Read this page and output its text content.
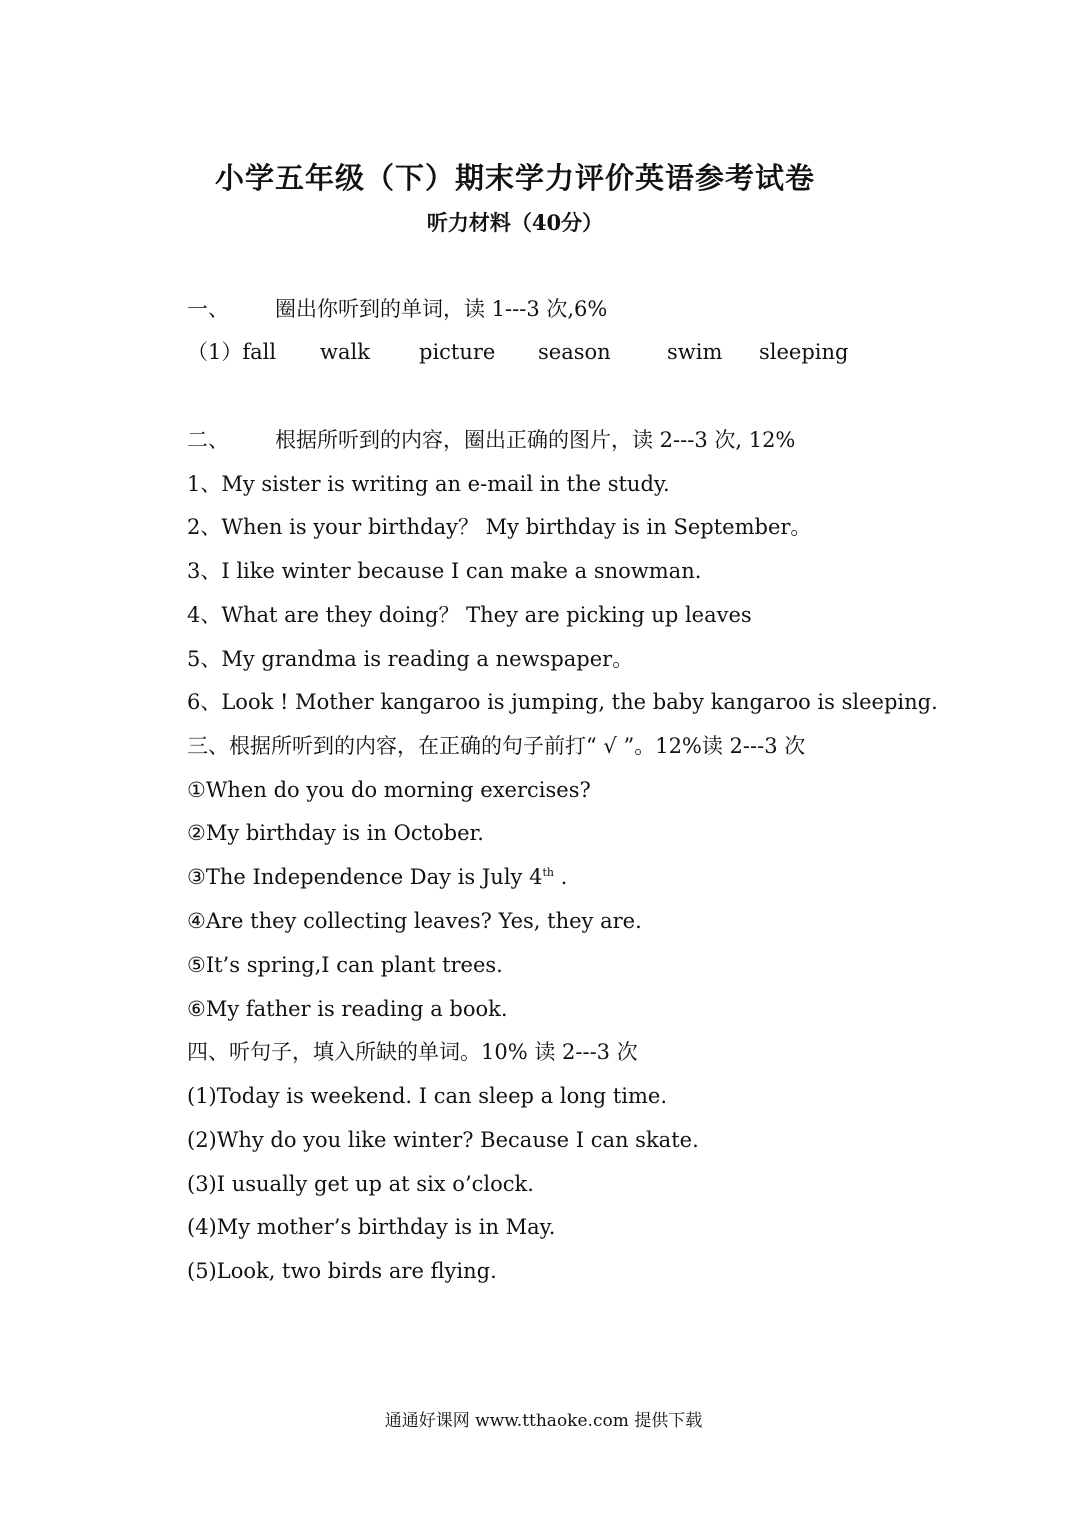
小学五年级（下）期末学力评价英语参考试卷
听力材料（40分）
一、 圈出你听到的单词，读 1---3 次,6%
（1）fall walk picture season	swim sleeping
二、 根据所听到的内容，圈出正确的图片，读 2---3 次, 12%
1、My sister is writing an e-mail in the study.
2、When is your birthday？ My birthday is in September。
3、I like winter because I can make a snowman.
4、What are they doing？ They are picking up leaves
5、My grandma is reading a newspaper。
6、Look ! Mother kangaroo is jumping, the baby kangaroo is sleeping.
三、根据所听到的内容，在正确的句子前打“ √ ”。12%读 2---3 次
①When do you do morning exercises?
②My birthday is in October.
③The Independence Day is July 4th .
④Are they collecting leaves? Yes, they are.
⑤It’s spring,I can plant trees.
⑥My father is reading a book.
四、听句子，填入所缺的单词。10% 读 2---3 次
(1)Today is weekend. I can sleep a long time.
(2)Why do you like winter? Because I can skate.
(3)I usually get up at six o’clock.
(4)My mother’s birthday is in May.
(5)Look, two birds are flying.
通通好课网 www.tthaoke.com 提供下载
